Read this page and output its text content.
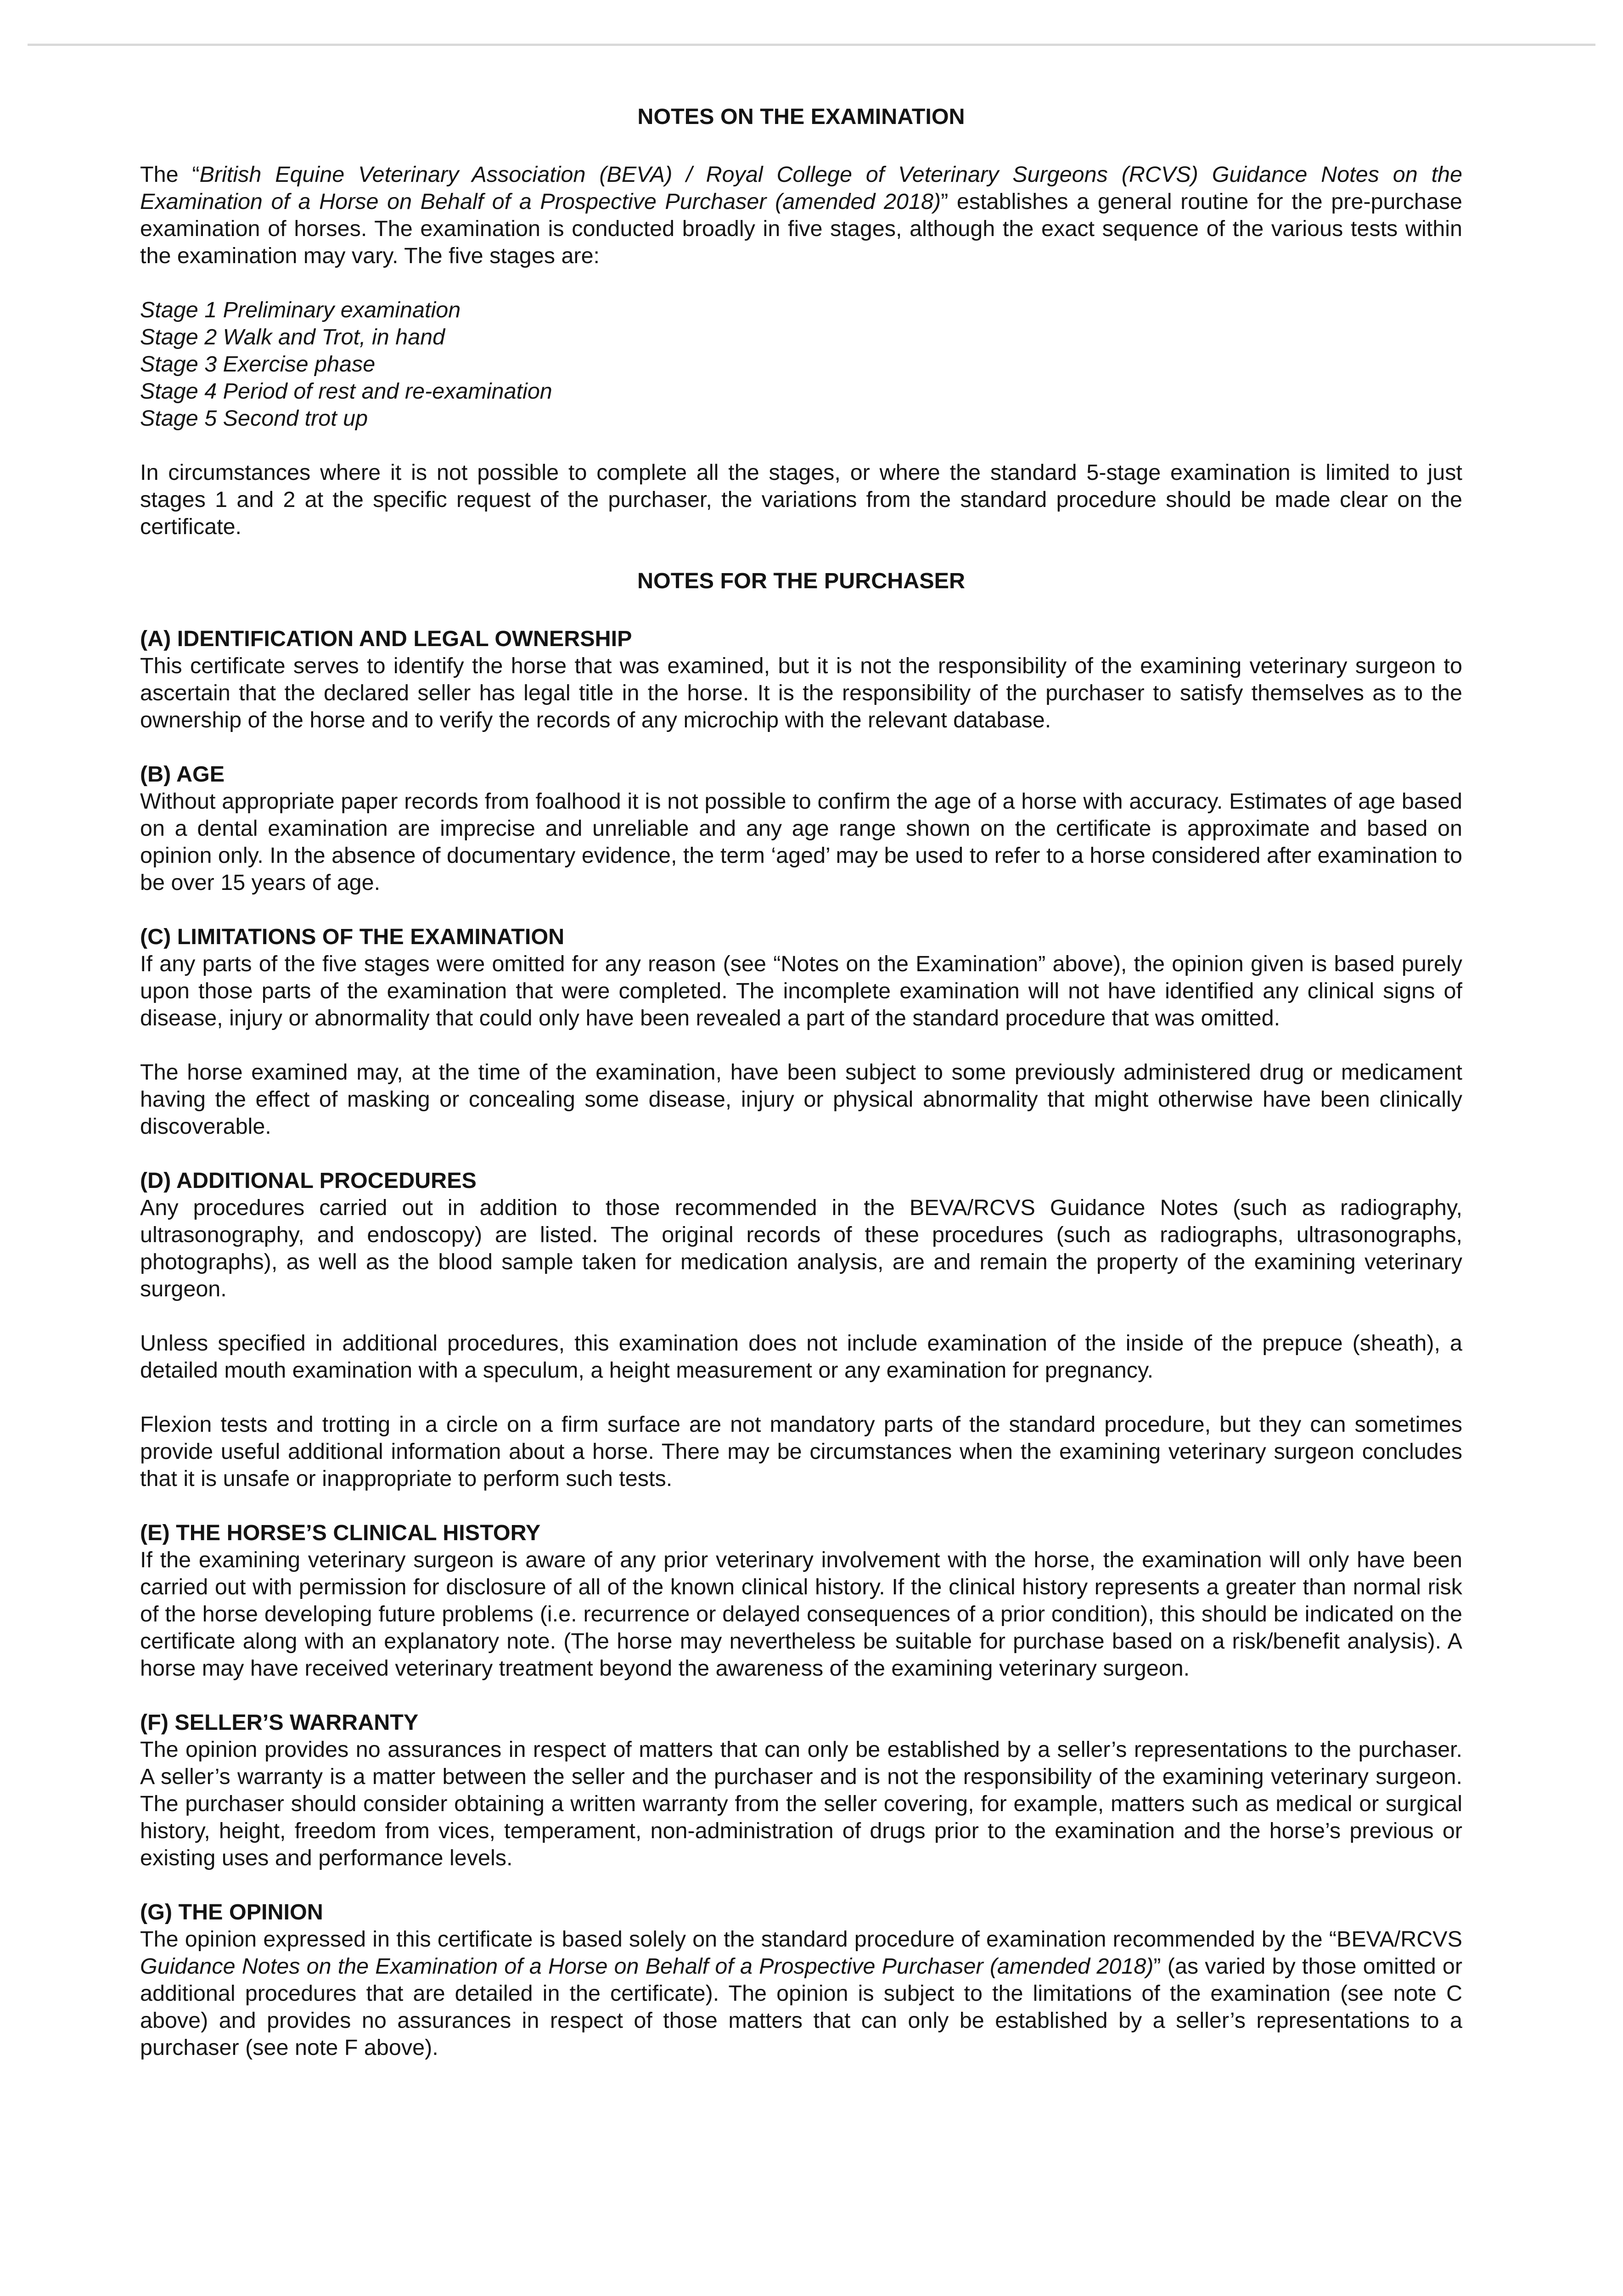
NOTES ON THE EXAMINATION
The “British Equine Veterinary Association (BEVA) / Royal College of Veterinary Surgeons (RCVS) Guidance Notes on the Examination of a Horse on Behalf of a Prospective Purchaser (amended 2018)” establishes a general routine for the pre-purchase examination of horses. The examination is conducted broadly in five stages, although the exact sequence of the various tests within the examination may vary. The five stages are:
Stage 1 Preliminary examination
Stage 2 Walk and Trot, in hand
Stage 3 Exercise phase
Stage 4 Period of rest and re-examination
Stage 5 Second trot up
In circumstances where it is not possible to complete all the stages, or where the standard 5-stage examination is limited to just stages 1 and 2 at the specific request of the purchaser, the variations from the standard procedure should be made clear on the certificate.
NOTES FOR THE PURCHASER
(A) IDENTIFICATION AND LEGAL OWNERSHIP

This certificate serves to identify the horse that was examined, but it is not the responsibility of the examining veterinary surgeon to ascertain that the declared seller has legal title in the horse. It is the responsibility of the purchaser to satisfy themselves as to the ownership of the horse and to verify the records of any microchip with the relevant database.

(B) AGE

Without appropriate paper records from foalhood it is not possible to confirm the age of a horse with accuracy. Estimates of age based on a dental examination are imprecise and unreliable and any age range shown on the certificate is approximate and based on opinion only. In the absence of documentary evidence, the term ‘aged’ may be used to refer to a horse considered after examination to be over 15 years of age.

(C) LIMITATIONS OF THE EXAMINATION

If any parts of the five stages were omitted for any reason (see “Notes on the Examination” above), the opinion given is based purely upon those parts of the examination that were completed. The incomplete examination will not have identified any clinical signs of disease, injury or abnormality that could only have been revealed a part of the standard procedure that was omitted.

The horse examined may, at the time of the examination, have been subject to some previously administered drug or medicament having the effect of masking or concealing some disease, injury or physical abnormality that might otherwise have been clinically discoverable.

(D) ADDITIONAL PROCEDURES

Any procedures carried out in addition to those recommended in the BEVA/RCVS Guidance Notes (such as radiography, ultrasonography, and endoscopy) are listed. The original records of these procedures (such as radiographs, ultrasonographs, photographs), as well as the blood sample taken for medication analysis, are and remain the property of the examining veterinary surgeon.

Unless specified in additional procedures, this examination does not include examination of the inside of the prepuce (sheath), a detailed mouth examination with a speculum, a height measurement or any examination for pregnancy.

Flexion tests and trotting in a circle on a firm surface are not mandatory parts of the standard procedure, but they can sometimes provide useful additional information about a horse. There may be circumstances when the examining veterinary surgeon concludes that it is unsafe or inappropriate to perform such tests.

(E) THE HORSE’S CLINICAL HISTORY

If the examining veterinary surgeon is aware of any prior veterinary involvement with the horse, the examination will only have been carried out with permission for disclosure of all of the known clinical history. If the clinical history represents a greater than normal risk of the horse developing future problems (i.e. recurrence or delayed consequences of a prior condition), this should be indicated on the certificate along with an explanatory note. (The horse may nevertheless be suitable for purchase based on a risk/benefit analysis). A horse may have received veterinary treatment beyond the awareness of the examining veterinary surgeon.

(F) SELLER’S WARRANTY

The opinion provides no assurances in respect of matters that can only be established by a seller’s representations to the purchaser. A seller’s warranty is a matter between the seller and the purchaser and is not the responsibility of the examining veterinary surgeon. The purchaser should consider obtaining a written warranty from the seller covering, for example, matters such as medical or surgical history, height, freedom from vices, temperament, non-administration of drugs prior to the examination and the horse’s previous or existing uses and performance levels.

(G) THE OPINION
The opinion expressed in this certificate is based solely on the standard procedure of examination recommended by the “BEVA/RCVS Guidance Notes on the Examination of a Horse on Behalf of a Prospective Purchaser (amended 2018)” (as varied by those omitted or additional procedures that are detailed in the certificate). The opinion is subject to the limitations of the examination (see note C above) and provides no assurances in respect of those matters that can only be established by a seller’s representations to a purchaser (see note F above).
